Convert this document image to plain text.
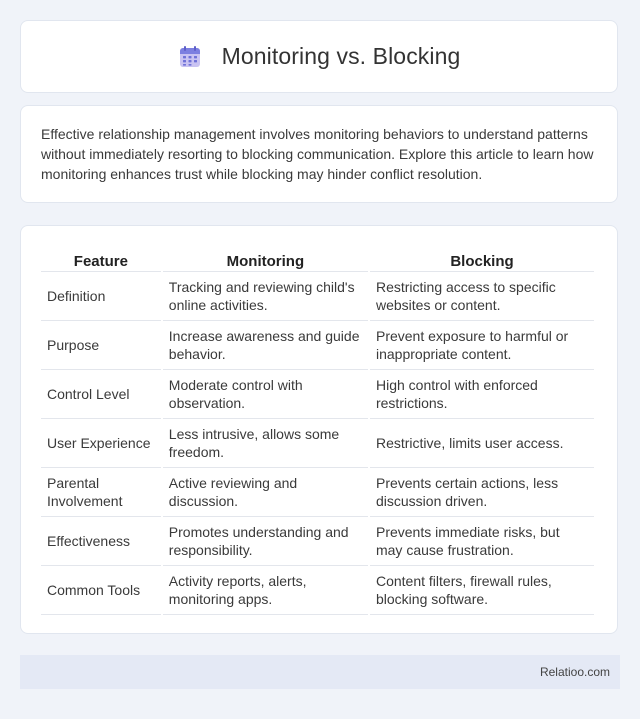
Monitoring vs. Blocking

Effective relationship management involves monitoring behaviors to understand patterns without immediately resorting to blocking communication. Explore this article to learn how monitoring enhances trust while blocking may hinder conflict resolution.

Feature	Monitoring	Blocking
Definition	Tracking and reviewing child's online activities.	Restricting access to specific websites or content.
Purpose	Increase awareness and guide behavior.	Prevent exposure to harmful or inappropriate content.
Control Level	Moderate control with observation.	High control with enforced restrictions.
User Experience	Less intrusive, allows some freedom.	Restrictive, limits user access.
Parental Involvement	Active reviewing and discussion.	Prevents certain actions, less discussion driven.
Effectiveness	Promotes understanding and responsibility.	Prevents immediate risks, but may cause frustration.
Common Tools	Activity reports, alerts, monitoring apps.	Content filters, firewall rules, blocking software.
Relatioo.com
